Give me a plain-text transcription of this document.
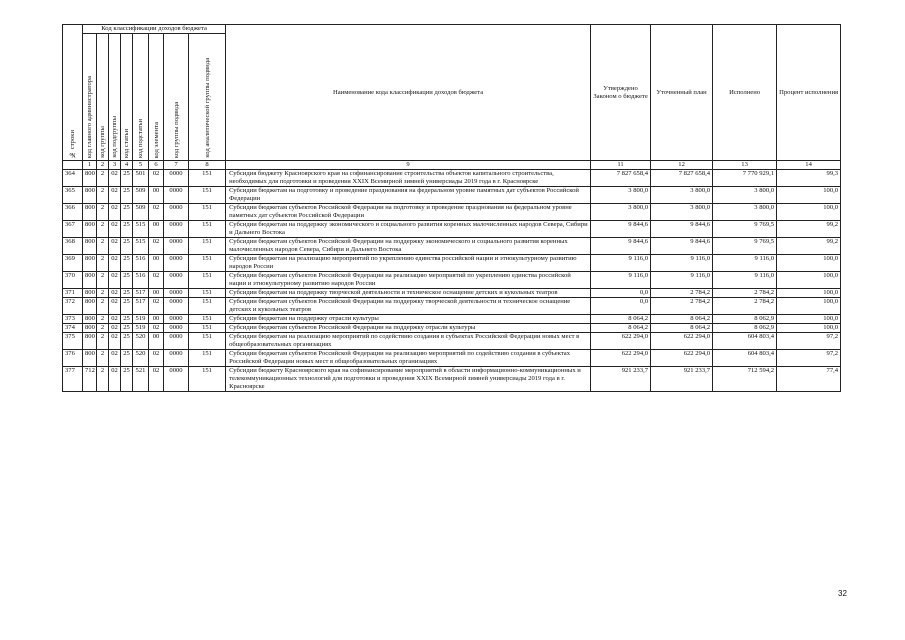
№ строки	Код классификации доходов бюджета								Наименование кода классификации доходов бюджета	Утверждено Законом о бюджете	Уточненный план	Исполнено	Процент исполнения

	код главного администратора	код группы	код подгруппы	код статьи	код подстатьи	код элемента	код группы подвида	код аналитической группы подвида					

	1	2	3	4	5	6	7	8	9	11	12	13	14
364	800	2	02	25	501	02	0000	151	Субсидия бюджету Красноярского края на софинансирование строительства объектов капитального строительства, необходимых для подготовки и проведения XXIX Всемирной зимней универсиады 2019 года в г. Красноярске	7 827 658,4	7 827 658,4	7 770 929,1	99,3
365	800	2	02	25	509	00	0000	151	Субсидии бюджетам на подготовку и проведение празднования на федеральном уровне памятных дат субъектов Российской Федерации	3 800,0	3 800,0	3 800,0	100,0
366	800	2	02	25	509	02	0000	151	Субсидии бюджетам субъектов Российской Федерации на подготовку и проведение празднования на федеральном уровне памятных дат субъектов Российской Федерации	3 800,0	3 800,0	3 800,0	100,0
367	800	2	02	25	515	00	0000	151	Субсидии бюджетам на поддержку экономического и социального развития коренных малочисленных народов Севера, Сибири и Дальнего Востока	9 844,6	9 844,6	9 769,5	99,2
368	800	2	02	25	515	02	0000	151	Субсидии бюджетам субъектов Российской Федерации на поддержку экономического и социального развития коренных малочисленных народов Севера, Сибири и Дальнего Востока	9 844,6	9 844,6	9 769,5	99,2
369	800	2	02	25	516	00	0000	151	Субсидии бюджетам на реализацию мероприятий по укреплению единства российской нации и этнокультурному развитию народов России	9 116,0	9 116,0	9 116,0	100,0
370	800	2	02	25	516	02	0000	151	Субсидии бюджетам субъектов Российской Федерации на реализацию мероприятий по укреплению единства российской нации и этнокультурному развитию народов России	9 116,0	9 116,0	9 116,0	100,0
371	800	2	02	25	517	00	0000	151	Субсидии бюджетам на поддержку творческой деятельности и техническое оснащение детских и кукольных театров	0,0	2 784,2	2 784,2	100,0
372	800	2	02	25	517	02	0000	151	Субсидии бюджетам субъектов Российской Федерации на поддержку творческой деятельности и техническое оснащение детских и кукольных театров	0,0	2 784,2	2 784,2	100,0
373	800	2	02	25	519	00	0000	151	Субсидии бюджетам на поддержку отрасли культуры	8 064,2	8 064,2	8 062,9	100,0
374	800	2	02	25	519	02	0000	151	Субсидии бюджетам субъектов Российской Федерации на поддержку отрасли культуры	8 064,2	8 064,2	8 062,9	100,0
375	800	2	02	25	520	00	0000	151	Субсидии бюджетам на реализацию мероприятий по содействию создания в субъектах Российской Федерации новых мест в общеобразовательных организациях	622 294,0	622 294,0	604 803,4	97,2
376	800	2	02	25	520	02	0000	151	Субсидии бюджетам субъектов Российской Федерации на реализацию мероприятий по содействию создания в субъектах Российской Федерации новых мест в общеобразовательных организациях	622 294,0	622 294,0	604 803,4	97,2
377	712	2	02	25	521	02	0000	151	Субсидии бюджету Красноярского края на софинансирование мероприятий в области информационно-коммуникационных и телекоммуникационных технологий для подготовки и проведения XXIX Всемирной зимней универсиады 2019 года в г. Красноярске	921 233,7	921 233,7	712 594,2	77,4
32
